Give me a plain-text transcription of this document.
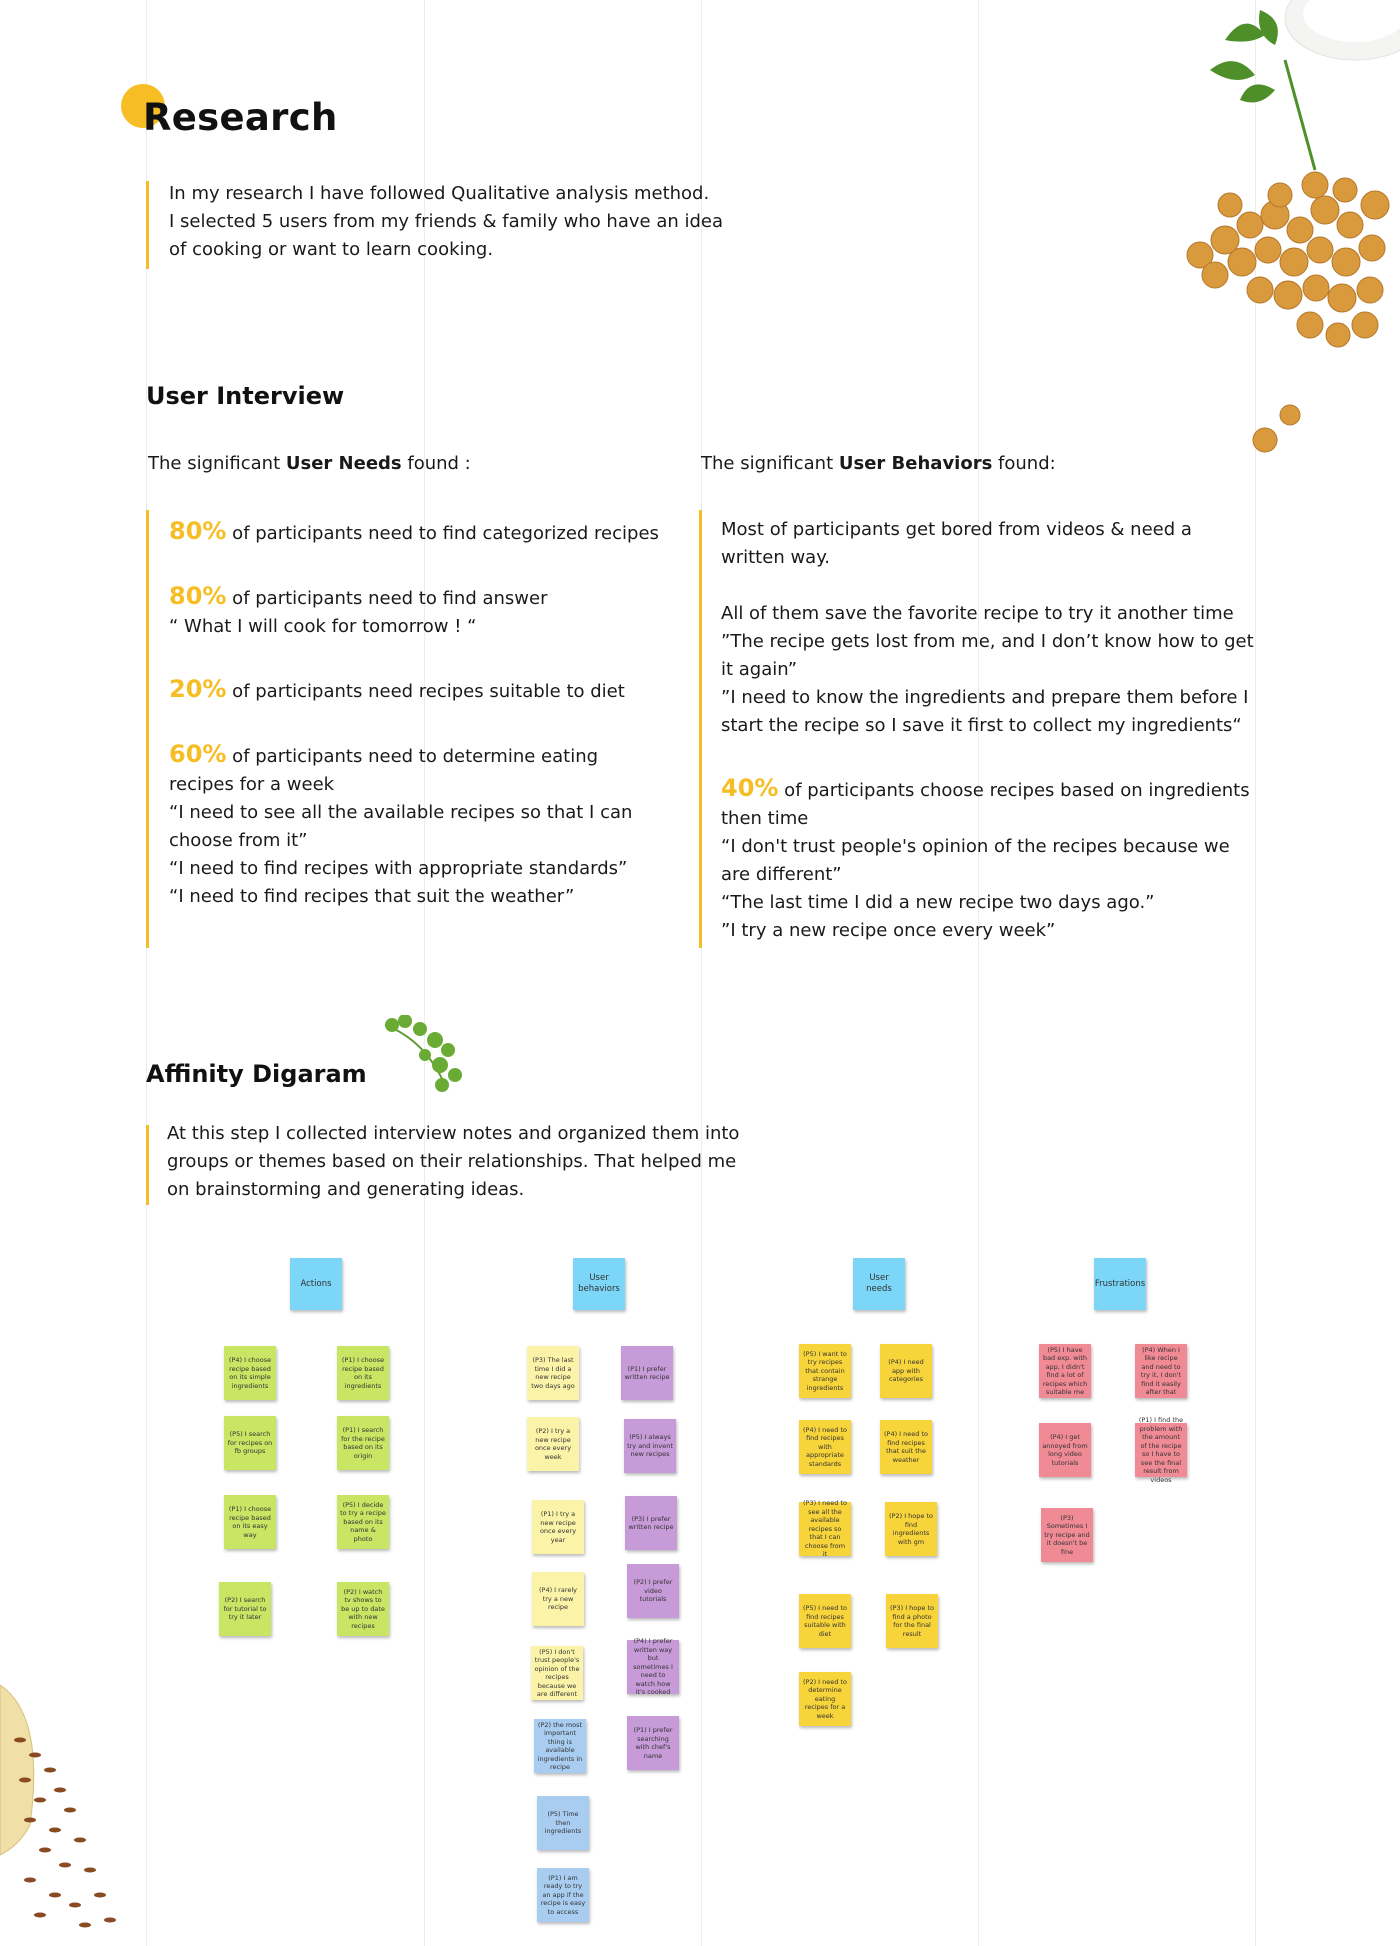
Research
In my research I have followed Qualitative analysis method.
I selected 5 users from my friends & family who have an idea
of cooking or want to learn cooking.
User Interview
The significant User Needs found :	The significant User Behaviors found:

80% of participants need to find categorized recipes

80% of participants need to find answer

“ What I will cook for tomorrow ! “

20% of participants need recipes suitable to diet

60% of participants need to determine eating recipes for a week

“I need to see all the available recipes so that I can choose from it”

“I need to find recipes with appropriate standards”

“I need to find recipes that suit the weather”

Most of participants get bored from videos & need a written way.

All of them save the favorite recipe to try it another time

”The recipe gets lost from me, and I don’t know how to get it again”

”I need to know the ingredients and prepare them before I start the recipe so I save it first to collect my ingredients“

40% of participants choose recipes based on ingredients then time

“I don't trust people's opinion of the recipes because we are different”

“The last time I did a new recipe two days ago.”

”I try a new recipe once every week”

Affinity Digaram
At this step I collected interview notes and organized them into
groups or themes based on their relationships. That helped me
on brainstorming and generating ideas.
Actions
User behaviors
User needs
Frustrations
(P4) I choose recipe based on its simple ingredients
(P1) I choose recipe based on its ingredients
(P5) I search for recipes on fb groups
(P1) I search for the recipe based on its origin
(P1) I choose recipe based on its easy way
(P5) I decide to try a recipe based on its name & photo
(P2) I search for tutorial to try it later
(P2) I watch tv shows to be up to date with new recipes
(P3) The last time I did a new recipe two days ago
(P2) I try a new recipe once every week
(P1) I try a new recipe once every year
(P4) I rarely try a new recipe
(P5) I don't trust people's opinion of the recipes because we are different
(P2) the most important thing is available ingredients in recipe
(P5) Time then ingredients
(P1) I am ready to try an app if the recipe is easy to access
(P1) I prefer written recipe
(P5) I always try and invent new recipes
(P3) I prefer written recipe
(P2) I prefer video tutorials
(P4) I prefer written way but sometimes I need to watch how it's cooked
(P1) I prefer searching with chef's name
(P5) I want to try recipes that contain strange ingredients
(P4) I need app with categories
(P4) I need to find recipes with appropriate standards
(P4) I need to find recipes that suit the weather
(P3) I need to see all the available recipes so that I can choose from it
(P2) I hope to find ingredients with gm
(P5) I need to find recipes suitable with diet
(P3) I hope to find a photo for the final result
(P2) I need to determine eating recipes for a week
(P5) I have bad exp. with app, I didn't find a lot of recipes which suitable me
(P4) When I like recipe and need to try it, I don't find it easily after that
(P4) I get annoyed from long video tutorials
(P1) I find the problem with the amount of the recipe so I have to see the final result from videos
(P3) Sometimes I try recipe and it doesn't be fine
